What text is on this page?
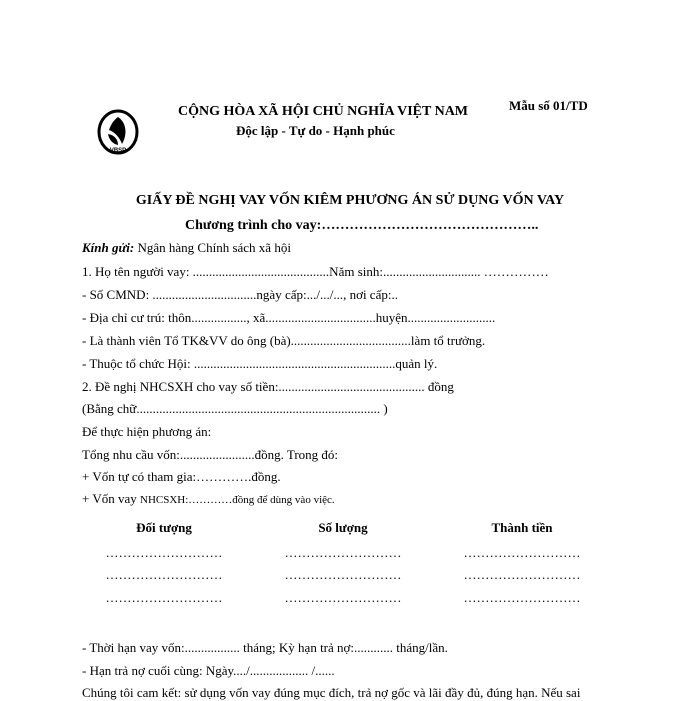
VBSP
CỘNG HÒA XÃ HỘI CHỦ NGHĨA VIỆT NAM
Độc lập - Tự do - Hạnh phúc
Mẫu số 01/TD
GIẤY ĐỀ NGHỊ VAY VỐN KIÊM PHƯƠNG ÁN SỬ DỤNG VỐN VAY
Chương trình cho vay:………………………………………..
Kính gửi: Ngân hàng Chính sách xã hội
1. Họ tên người vay: ..........................................Năm sinh:.............................. ……………
- Số CMND: ................................ngày cấp:.../.../..., nơi cấp:..
- Địa chỉ cư trú: thôn................., xã..................................huyện...........................
- Là thành viên Tổ TK&VV do ông (bà).....................................làm tổ trưởng.
- Thuộc tổ chức Hội: ..............................................................quản lý.
2. Đề nghị NHCSXH cho vay số tiền:............................................. đồng
(Bằng chữ........................................................................... )
Để thực hiện phương án:
Tổng nhu cầu vốn:.......................đồng. Trong đó:
+ Vốn tự có tham gia:………….đồng.
+ Vốn vay NHCSXH:…………đồng để dùng vào việc.
Đối tượng	Số lượng	Thành tiền
………………………	………………………	………………………
………………………	………………………	………………………
………………………	………………………	………………………
- Thời hạn vay vốn:................. tháng; Kỳ hạn trả nợ:............ tháng/lần.
- Hạn trả nợ cuối cùng: Ngày..../.................. /......
Chúng tôi cam kết: sử dụng vốn vay đúng mục đích, trả nợ gốc và lãi đầy đủ, đúng hạn. Nếu sai
